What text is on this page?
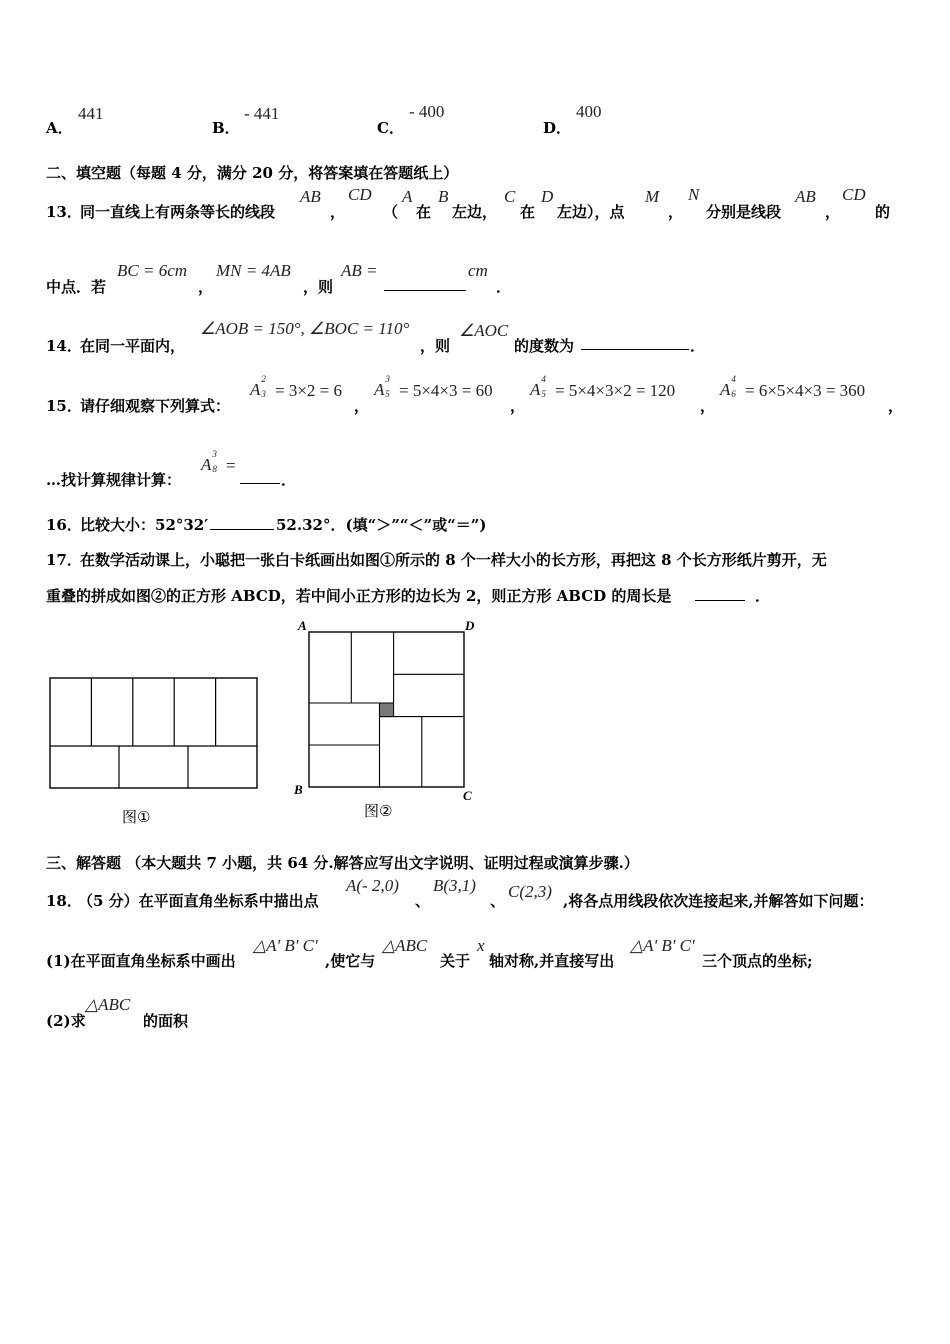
A．
441
B．
- 441
C．
- 400
D．
400
二、填空题（每题 4 分，满分 20 分，将答案填在答题纸上）
13．
同一直线上有两条等长的线段
AB
，
CD
（
A
在
B
左边，
C
在
D
左边），点
M
，
N
分别是线段
AB
，
CD
的
中点．若
BC = 6cm
，
MN = 4AB
，则
AB =	cm
．
14．
在同一平面内，
∠AOB = 150°, ∠BOC = 110°
，则
∠AOC
的度数为	．
15．
请仔细观察下列算式：
A
2
3 = 3×2 = 6
，
A
3
5 = 5×4×3 = 60
，
A
4
5 = 5×4×3×2 = 120
，
A
4
6 = 6×5×4×3 = 360
，
…找计算规律计算：
A
3
8 =
．
16．
比较大小：52°32′	52.32°．(填“＞”“＜”或“＝”)
17．
在数学活动课上，小聪把一张白卡纸画出如图①所示的 8 个一样大小的长方形，再把这 8 个长方形纸片剪开，无
重叠的拼成如图②的正方形 ABCD，若中间小正方形的边长为 2，则正方形 ABCD 的周长是	．
图①
A	D
B	C
图②
三、解答题 （本大题共 7 小题，共 64 分.解答应写出文字说明、证明过程或演算步骤.）
18．
（5 分）在平面直角坐标系中描出点
A(- 2,0)
、
B(3,1)
、 C(2,3) ,将各点用线段依次连接起来,并解答如下问题：
(1)在平面直角坐标系中画出
△A' B' C'
,使它与
△ABC
关于
x
轴对称,并直接写出
△A' B' C'
三个顶点的坐标;
(2)求
△ABC
的面积
